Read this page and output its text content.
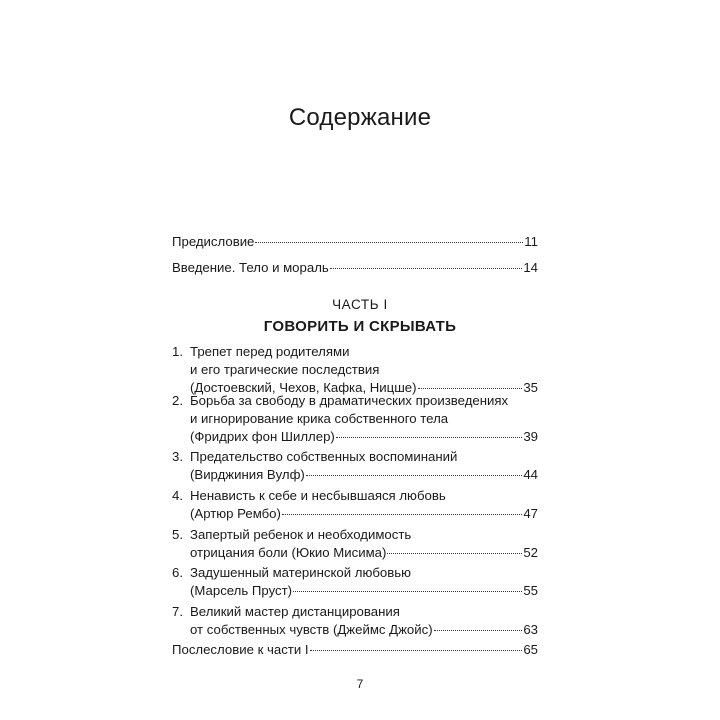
Содержание
Предисловие	11
Введение. Тело и мораль	14
1. Трепет перед родителями
и его трагические последствия
(Достоевский, Чехов, Кафка, Ницше)	35
2. Борьба за свободу в драматических произведениях
и игнорирование крика собственного тела
(Фридрих фон Шиллер)	39
3. Предательство собственных воспоминаний
(Вирджиния Вулф)	44
4. Ненависть к себе и несбывшаяся любовь
(Артюр Рембо)	47
5. Запертый ребенок и необходимость
отрицания боли (Юкио Мисима)	52
6. Задушенный материнской любовью
(Марсель Пруст)	55
7. Великий мастер дистанцирования
от собственных чувств (Джеймс Джойс)	63
Послесловие к части I	65
ЧАСТЬ I
ГОВОРИТЬ И СКРЫВАТЬ
7
